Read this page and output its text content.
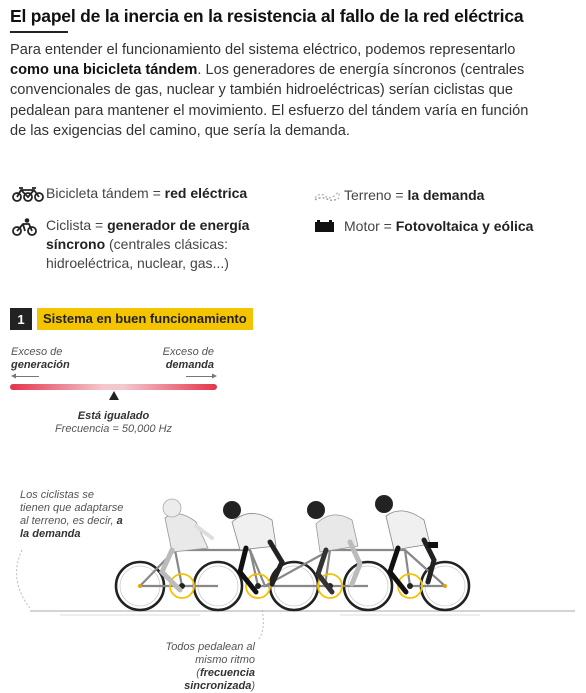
El papel de la inercia en la resistencia al fallo de la red eléctrica
Para entender el funcionamiento del sistema eléctrico, podemos representarlo como una bicicleta tándem. Los generadores de energía síncronos (centrales convencionales de gas, nuclear y también hidroeléctricas) serían ciclistas que pedalean para mantener el movimiento. El esfuerzo del tándem varía en función de las exigencias del camino, que sería la demanda.
Bicicleta tándem = red eléctrica
Ciclista = generador de energía síncrono (centrales clásicas: hidroeléctrica, nuclear, gas...)
Terreno = la demanda
Motor = Fotovoltaica y eólica
1	Sistema en buen funcionamiento
Exceso de
generación
Exceso de
demanda
Está igualado
Frecuencia = 50,000 Hz
Los ciclistas se
tienen que adaptarse
al terreno, es decir, a
la demanda
Todos pedalean al
mismo ritmo (frecuencia
sincronizada)
